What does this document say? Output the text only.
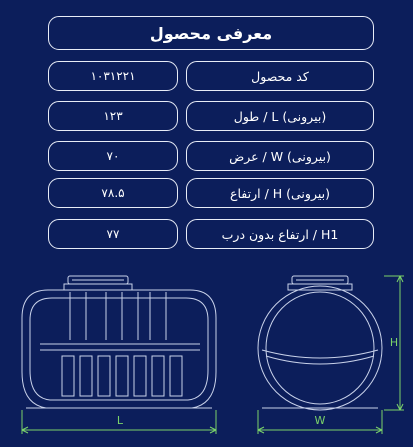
معرفی محصول
۱۰۳۱۲۲۱	کد محصول
۱۲۳	طول / L (بیرونی)
۷۰	عرض / W (بیرونی)
۷۸.۵	ارتفاع / H (بیرونی)
۷۷	ارتفاع بدون درب / H1
L	W
H
